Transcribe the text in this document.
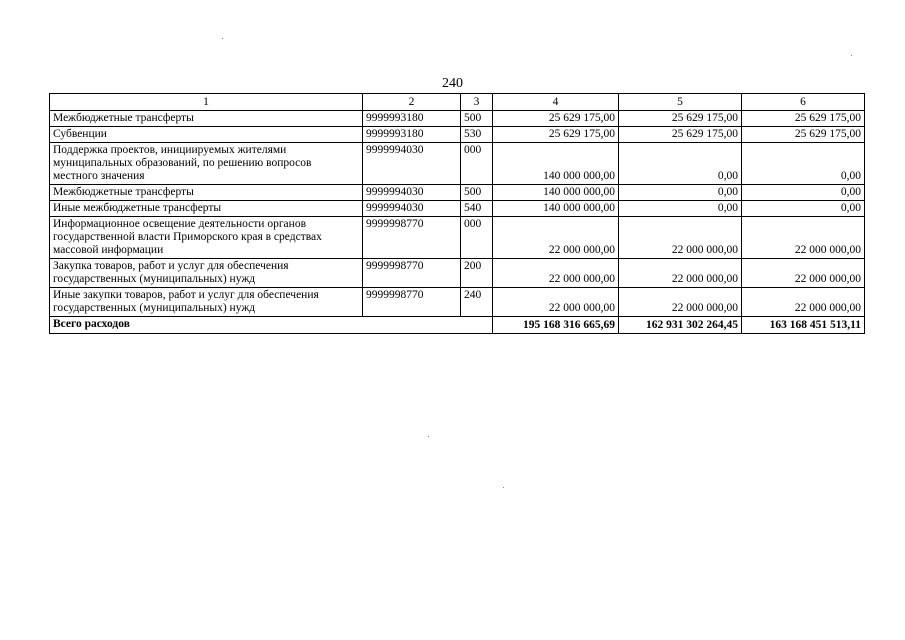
240
1	2	3	4	5	6
Межбюджетные трансферты	9999993180	500	25 629 175,00	25 629 175,00	25 629 175,00
Субвенции	9999993180	530	25 629 175,00	25 629 175,00	25 629 175,00
Поддержка проектов, инициируемых жителями муниципальных образований, по решению вопросов местного значения	9999994030	000	140 000 000,00	0,00	0,00
Межбюджетные трансферты	9999994030	500	140 000 000,00	0,00	0,00
Иные межбюджетные трансферты	9999994030	540	140 000 000,00	0,00	0,00
Информационное освещение деятельности органов государственной власти Приморского края в средствах массовой информации	9999998770	000	22 000 000,00	22 000 000,00	22 000 000,00
Закупка товаров, работ и услуг для обеспечения государственных (муниципальных) нужд	9999998770	200	22 000 000,00	22 000 000,00	22 000 000,00
Иные закупки товаров, работ и услуг для обеспечения государственных (муниципальных) нужд	9999998770	240	22 000 000,00	22 000 000,00	22 000 000,00
Всего расходов			195 168 316 665,69	162 931 302 264,45	163 168 451 513,11
